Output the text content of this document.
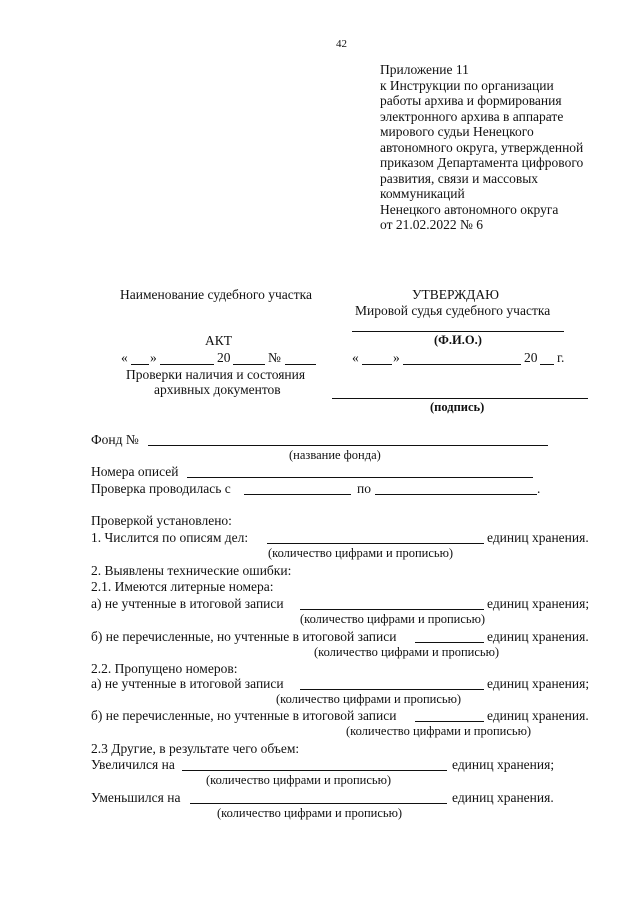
42
Приложение 11
к Инструкции по организации
работы архива и формирования
электронного архива в аппарате
мирового судьи Ненецкого
автономного округа, утвержденной
приказом Департамента цифрового
развития, связи и массовых
коммуникаций
Ненецкого автономного округа
от 21.02.2022 № 6
Наименование судебного участка
АКТ
« »	20	№
Проверки наличия и состояния
архивных документов
УТВЕРЖДАЮ
Мировой судья судебного участка
(Ф.И.О.)
«	»	20 г.
(подпись)
Фонд №
(название фонда)
Номера описей
Проверка проводилась с	по	.
Проверкой установлено:
1. Числится по описям дел:	единиц хранения.
(количество цифрами и прописью)
2. Выявлены технические ошибки:
2.1. Имеются литерные номера:
а) не учтенные в итоговой записи	единиц хранения;
(количество цифрами и прописью)
б) не перечисленные, но учтенные в итоговой записи	единиц хранения.
(количество цифрами и прописью)
2.2. Пропущено номеров:
а) не учтенные в итоговой записи	единиц хранения;
(количество цифрами и прописью)
б) не перечисленные, но учтенные в итоговой записи	единиц хранения.
(количество цифрами и прописью)
2.3 Другие, в результате чего объем:
Увеличился на	единиц хранения;
(количество цифрами и прописью)
Уменьшился на	единиц хранения.
(количество цифрами и прописью)
